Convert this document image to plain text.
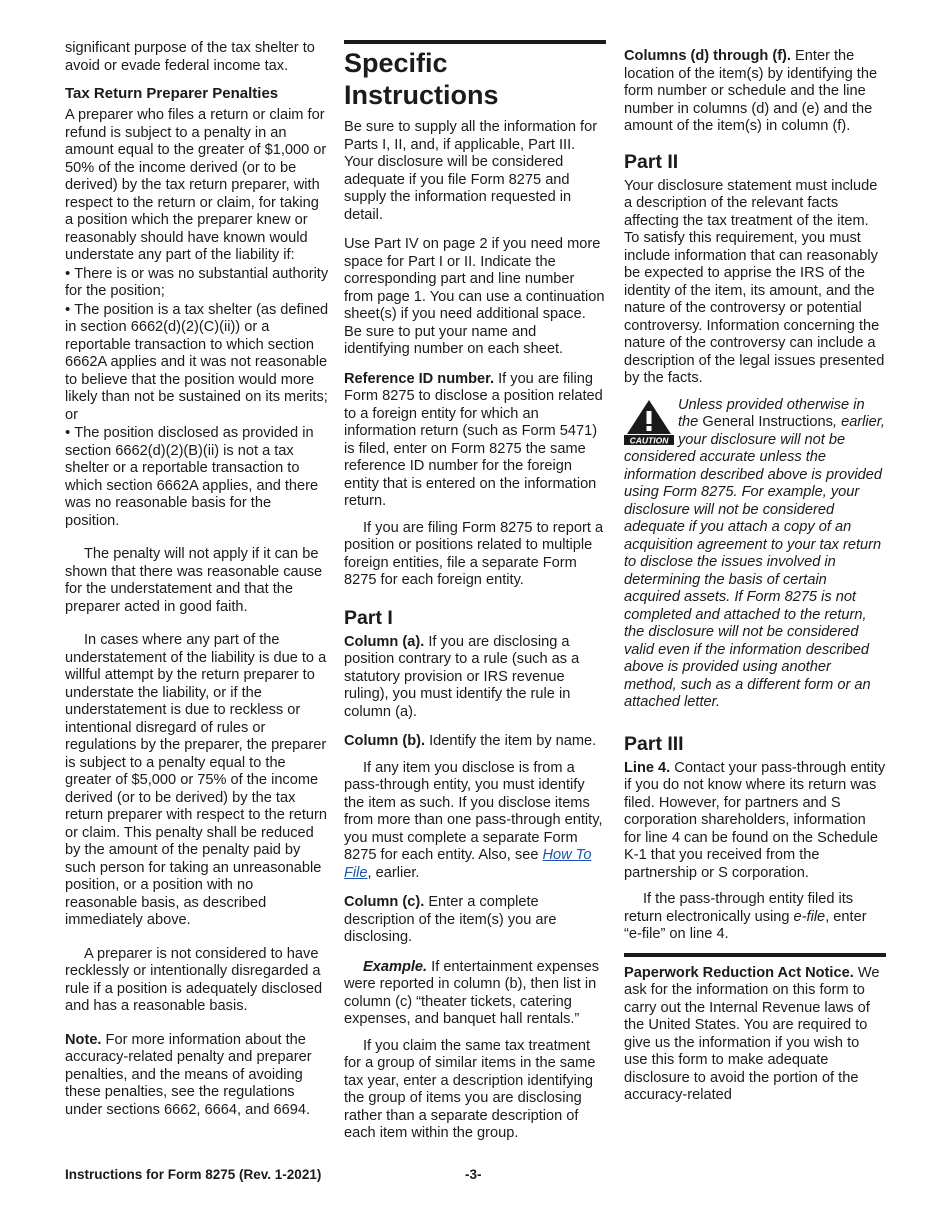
significant purpose of the tax shelter to avoid or evade federal income tax.

Tax Return Preparer Penalties

A preparer who files a return or claim for refund is subject to a penalty in an amount equal to the greater of $1,000 or 50% of the income derived (or to be derived) by the tax return preparer, with respect to the return or claim, for taking a position which the preparer knew or reasonably should have known would understate any part of the liability if:

• There is or was no substantial authority for the position;
• The position is a tax shelter (as defined in section 6662(d)(2)(C)(ii)) or a reportable transaction to which section 6662A applies and it was not reasonable to believe that the position would more likely than not be sustained on its merits; or
• The position disclosed as provided in section 6662(d)(2)(B)(ii) is not a tax shelter or a reportable transaction to which section 6662A applies, and there was no reasonable basis for the position.

The penalty will not apply if it can be shown that there was reasonable cause for the understatement and that the preparer acted in good faith.

In cases where any part of the understatement of the liability is due to a willful attempt by the return preparer to understate the liability, or if the understatement is due to reckless or intentional disregard of rules or regulations by the preparer, the preparer is subject to a penalty equal to the greater of $5,000 or 75% of the income derived (or to be derived) by the tax return preparer with respect to the return or claim. This penalty shall be reduced by the amount of the penalty paid by such person for taking an unreasonable position, or a position with no reasonable basis, as described immediately above.

A preparer is not considered to have recklessly or intentionally disregarded a rule if a position is adequately disclosed and has a reasonable basis.

Note. For more information about the accuracy-related penalty and preparer penalties, and the means of avoiding these penalties, see the regulations under sections 6662, 6664, and 6694.

Specific Instructions

Be sure to supply all the information for Parts I, II, and, if applicable, Part III. Your disclosure will be considered adequate if you file Form 8275 and supply the information requested in detail.

Use Part IV on page 2 if you need more space for Part I or II. Indicate the corresponding part and line number from page 1. You can use a continuation sheet(s) if you need additional space. Be sure to put your name and identifying number on each sheet.

Reference ID number. If you are filing Form 8275 to disclose a position related to a foreign entity for which an information return (such as Form 5471) is filed, enter on Form 8275 the same reference ID number for the foreign entity that is entered on the information return.

If you are filing Form 8275 to report a position or positions related to multiple foreign entities, file a separate Form 8275 for each foreign entity.

Part I

Column (a). If you are disclosing a position contrary to a rule (such as a statutory provision or IRS revenue ruling), you must identify the rule in column (a).

Column (b). Identify the item by name.

If any item you disclose is from a pass-through entity, you must identify the item as such. If you disclose items from more than one pass-through entity, you must complete a separate Form 8275 for each entity. Also, see How To File, earlier.

Column (c). Enter a complete description of the item(s) you are disclosing.

Example. If entertainment expenses were reported in column (b), then list in column (c) “theater tickets, catering expenses, and banquet hall rentals.”

If you claim the same tax treatment for a group of similar items in the same tax year, enter a description identifying the group of items you are disclosing rather than a separate description of each item within the group.

Columns (d) through (f). Enter the location of the item(s) by identifying the form number or schedule and the line number in columns (d) and (e) and the amount of the item(s) in column (f).

Part II

Your disclosure statement must include a description of the relevant facts affecting the tax treatment of the item. To satisfy this requirement, you must include information that can reasonably be expected to apprise the IRS of the identity of the item, its amount, and the nature of the controversy or potential controversy. Information concerning the nature of the controversy can include a description of the legal issues presented by the facts.

CAUTION
Unless provided otherwise in the General Instructions, earlier, your disclosure will not be considered accurate unless the information described above is provided using Form 8275. For example, your disclosure will not be considered adequate if you attach a copy of an acquisition agreement to your tax return to disclose the issues involved in determining the basis of certain acquired assets. If Form 8275 is not completed and attached to the return, the disclosure will not be considered valid even if the information described above is provided using another method, such as a different form or an attached letter.
Part III

Line 4. Contact your pass-through entity if you do not know where its return was filed. However, for partners and S corporation shareholders, information for line 4 can be found on the Schedule K-1 that you received from the partnership or S corporation.

If the pass-through entity filed its return electronically using e-file, enter “e-file” on line 4.

Paperwork Reduction Act Notice. We ask for the information on this form to carry out the Internal Revenue laws of the United States. You are required to give us the information if you wish to use this form to make adequate disclosure to avoid the portion of the accuracy-related

Instructions for Form 8275 (Rev. 1-2021)	-3-
